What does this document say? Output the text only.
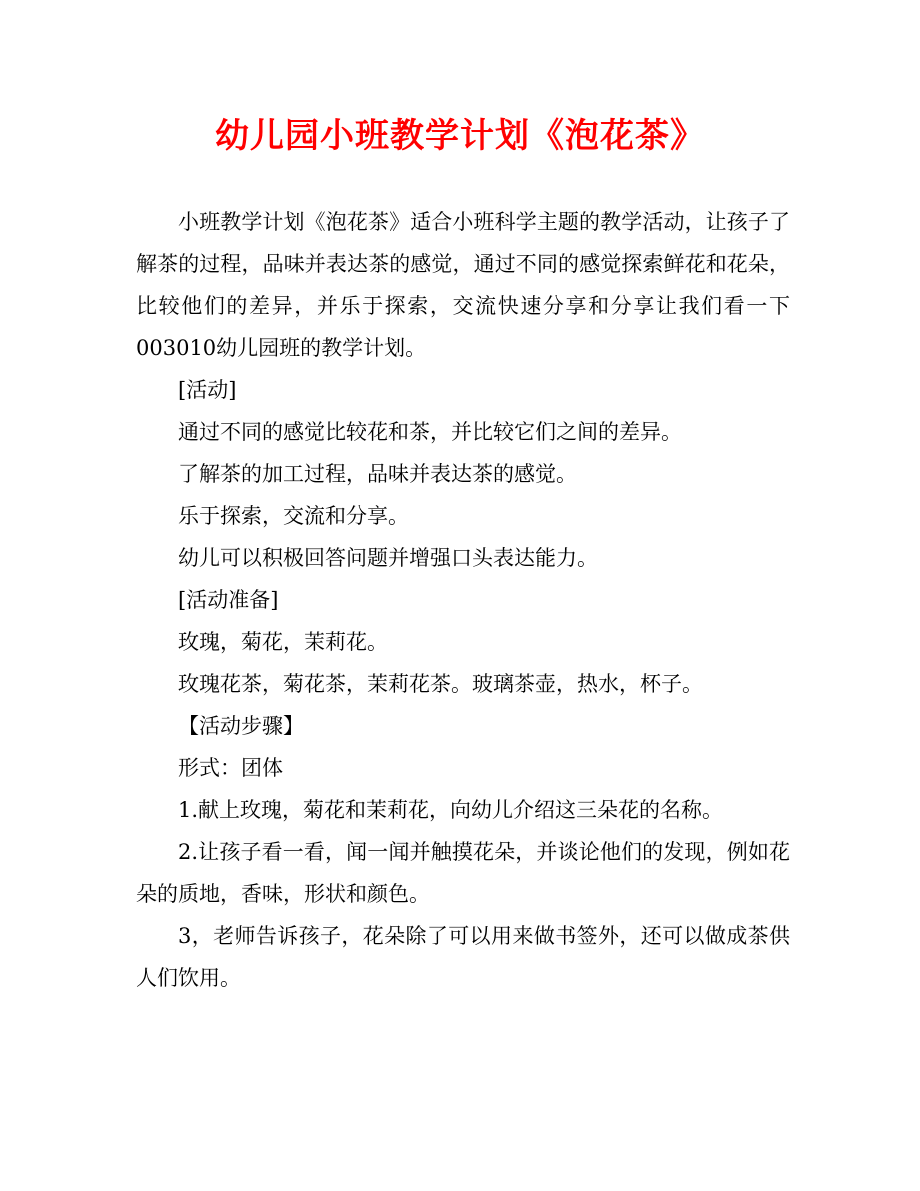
幼儿园小班教学计划《泡花茶》

小班教学计划《泡花茶》适合小班科学主题的教学活动，让孩子了解茶的过程，品味并表达茶的感觉，通过不同的感觉探索鲜花和花朵，比较他们的差异，并乐于探索，交流快速分享和分享让我们看一下003010幼儿园班的教学计划。

[活动]

通过不同的感觉比较花和茶，并比较它们之间的差异。

了解茶的加工过程，品味并表达茶的感觉。

乐于探索，交流和分享。

幼儿可以积极回答问题并增强口头表达能力。

[活动准备]

玫瑰，菊花，茉莉花。

玫瑰花茶，菊花茶，茉莉花茶。玻璃茶壶，热水，杯子。

【活动步骤】

形式：团体

1.献上玫瑰，菊花和茉莉花，向幼儿介绍这三朵花的名称。

2.让孩子看一看，闻一闻并触摸花朵，并谈论他们的发现，例如花朵的质地，香味，形状和颜色。

3，老师告诉孩子，花朵除了可以用来做书签外，还可以做成茶供人们饮用。
